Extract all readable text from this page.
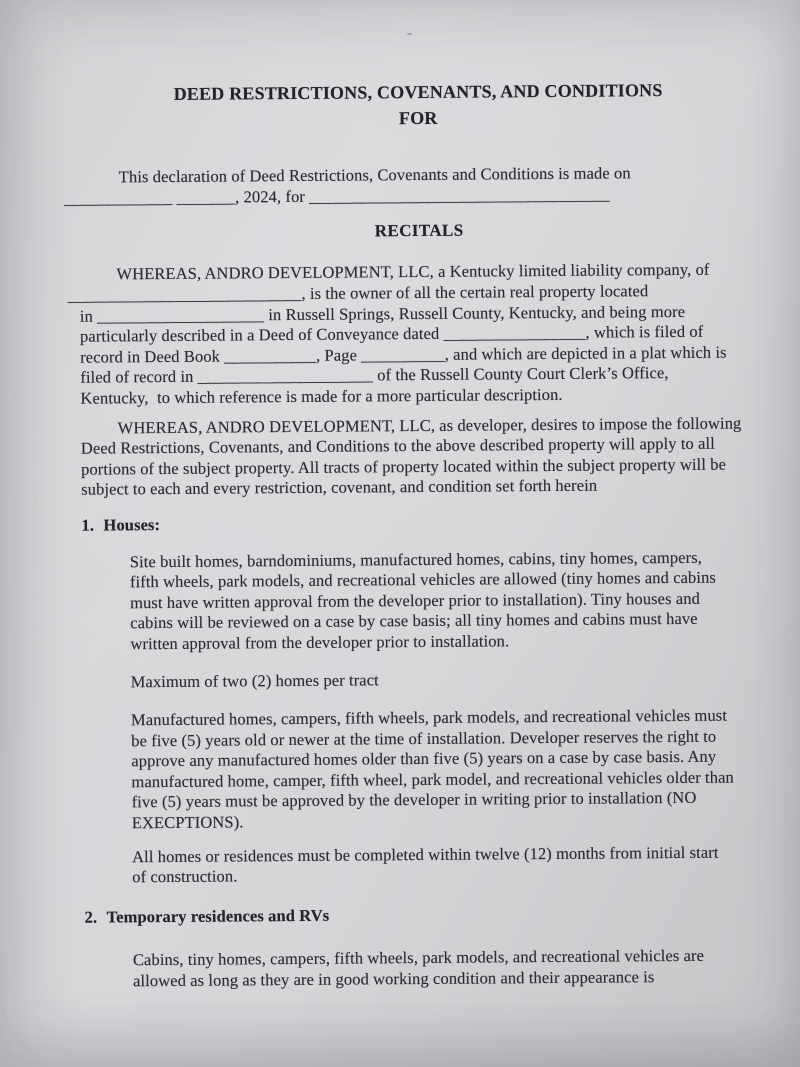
DEED RESTRICTIONS, COVENANTS, AND CONDITIONS
FOR
This declaration of Deed Restrictions, Covenants and Conditions is made on
_____________ _______, 2024, for ____________________________________
RECITALS
WHEREAS, ANDRO DEVELOPMENT, LLC, a Kentucky limited liability company, of
____________________________, is the owner of all the certain real property located
in ____________________ in Russell Springs, Russell County, Kentucky, and being more
particularly described in a Deed of Conveyance dated _________________, which is filed of
record in Deed Book ___________, Page __________, and which are depicted in a plat which is
filed of record in _____________________ of the Russell County Court Clerk’s Office,
Kentucky,  to which reference is made for a more particular description.
WHEREAS, ANDRO DEVELOPMENT, LLC, as developer, desires to impose the following
Deed Restrictions, Covenants, and Conditions to the above described property will apply to all
portions of the subject property. All tracts of property located within the subject property will be
subject to each and every restriction, covenant, and condition set forth herein
1. Houses:
Site built homes, barndominiums, manufactured homes, cabins, tiny homes, campers,
fifth wheels, park models, and recreational vehicles are allowed (tiny homes and cabins
must have written approval from the developer prior to installation). Tiny houses and
cabins will be reviewed on a case by case basis; all tiny homes and cabins must have
written approval from the developer prior to installation.
Maximum of two (2) homes per tract
Manufactured homes, campers, fifth wheels, park models, and recreational vehicles must
be five (5) years old or newer at the time of installation. Developer reserves the right to
approve any manufactured homes older than five (5) years on a case by case basis. Any
manufactured home, camper, fifth wheel, park model, and recreational vehicles older than
five (5) years must be approved by the developer in writing prior to installation (NO
EXECPTIONS).
All homes or residences must be completed within twelve (12) months from initial start
of construction.
2. Temporary residences and RVs
Cabins, tiny homes, campers, fifth wheels, park models, and recreational vehicles are
allowed as long as they are in good working condition and their appearance is
